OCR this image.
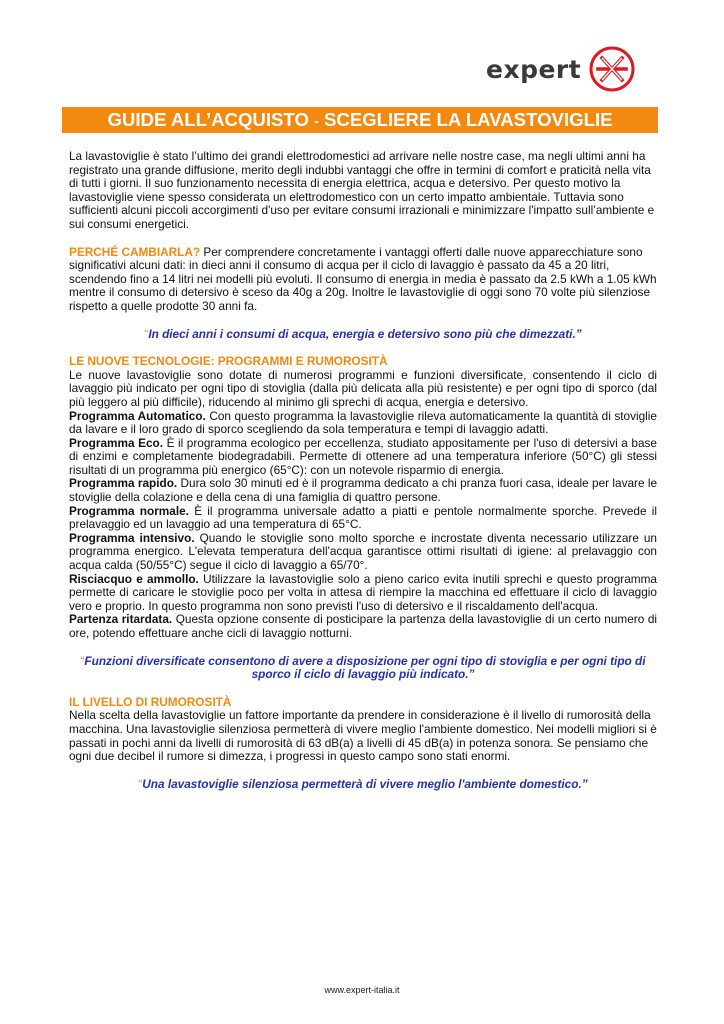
expert
GUIDE ALL’ACQUISTO - SCEGLIERE LA LAVASTOVIGLIE

La lavastoviglie è stato l’ultimo dei grandi elettrodomestici ad arrivare nelle nostre case, ma negli ultimi anni ha registrato una grande diffusione, merito degli indubbi vantaggi che offre in termini di comfort e praticità nella vita di tutti i giorni. Il suo funzionamento necessita di energia elettrica, acqua e detersivo. Per questo motivo la lavastoviglie viene spesso considerata un elettrodomestico con un certo impatto ambientale. Tuttavia sono sufficienti alcuni piccoli accorgimenti d'uso per evitare consumi irrazionali e minimizzare l'impatto sull’ambiente e sui consumi energetici.

PERCHÉ CAMBIARLA? Per comprendere concretamente i vantaggi offerti dalle nuove apparecchiature sono significativi alcuni dati: in dieci anni il consumo di acqua per il ciclo di lavaggio è passato da 45 a 20 litri, scendendo fino a 14 litri nei modelli più evoluti. Il consumo di energia in media è passato da 2.5 kWh a 1.05 kWh mentre il consumo di detersivo è sceso da 40g a 20g. Inoltre le lavastoviglie di oggi sono 70 volte più silenziose rispetto a quelle prodotte 30 anni fa.

“In dieci anni i consumi di acqua, energia e detersivo sono più che dimezzati.”

LE NUOVE TECNOLOGIE: PROGRAMMI E RUMOROSITÀ

Le nuove lavastoviglie sono dotate di numerosi programmi e funzioni diversificate, consentendo il ciclo di lavaggio più indicato per ogni tipo di stoviglia (dalla più delicata alla più resistente) e per ogni tipo di sporco (dal più leggero al più difficile), riducendo al minimo gli sprechi di acqua, energia e detersivo.

Programma Automatico. Con questo programma la lavastoviglie rileva automaticamente la quantità di stoviglie da lavare e il loro grado di sporco scegliendo da sola temperatura e tempi di lavaggio adatti.

Programma Eco. È il programma ecologico per eccellenza, studiato appositamente per l'uso di detersivi a base di enzimi e completamente biodegradabili. Permette di ottenere ad una temperatura inferiore (50°C) gli stessi risultati di un programma più energico (65°C): con un notevole risparmio di energia.

Programma rapido. Dura solo 30 minuti ed è il programma dedicato a chi pranza fuori casa, ideale per lavare le stoviglie della colazione e della cena di una famiglia di quattro persone.

Programma normale. È il programma universale adatto a piatti e pentole normalmente sporche. Prevede il prelavaggio ed un lavaggio ad una temperatura di 65°C.

Programma intensivo. Quando le stoviglie sono molto sporche e incrostate diventa necessario utilizzare un programma energico. L'elevata temperatura dell'acqua garantisce ottimi risultati di igiene: al prelavaggio con acqua calda (50/55°C) segue il ciclo di lavaggio a 65/70°.

Risciacquo e ammollo. Utilizzare la lavastoviglie solo a pieno carico evita inutili sprechi e questo programma permette di caricare le stoviglie poco per volta in attesa di riempire la macchina ed effettuare il ciclo di lavaggio vero e proprio. In questo programma non sono previsti l'uso di detersivo e il riscaldamento dell'acqua.

Partenza ritardata. Questa opzione consente di posticipare la partenza della lavastoviglie di un certo numero di ore, potendo effettuare anche cicli di lavaggio notturni.

“Funzioni diversificate consentono di avere a disposizione per ogni tipo di stoviglia e per ogni tipo di sporco il ciclo di lavaggio più indicato.”

IL LIVELLO DI RUMOROSITÀ

Nella scelta della lavastoviglie un fattore importante da prendere in considerazione è il livello di rumorosità della macchina. Una lavastoviglie silenziosa permetterà di vivere meglio l'ambiente domestico. Nei modelli migliori si è passati in pochi anni da livelli di rumorosità di 63 dB(a) a livelli di 45 dB(a) in potenza sonora. Se pensiamo che ogni due decibel il rumore si dimezza, i progressi in questo campo sono stati enormi.

“Una lavastoviglie silenziosa permetterà di vivere meglio l'ambiente domestico.”

www.expert-italia.it
